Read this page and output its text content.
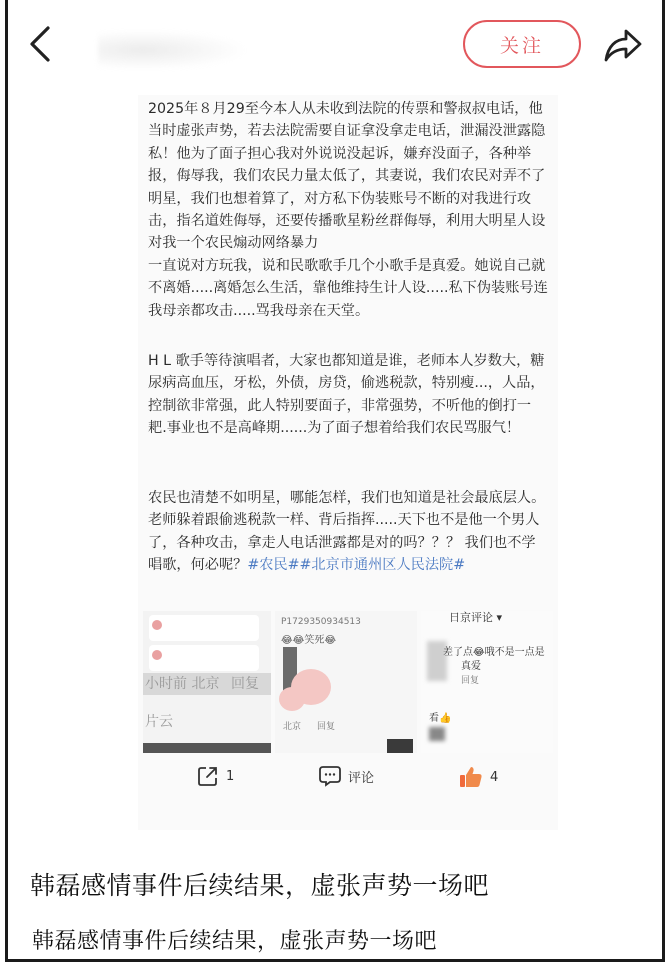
关注
2025年８月29至今本人从未收到法院的传票和警叔叔电话，他当时虚张声势，若去法院需要自证拿没拿走电话，泄漏没泄露隐私！他为了面子担心我对外说说没起诉，嫌弃没面子，各种举报，侮辱我，我们农民力量太低了，其妻说，我们农民对弄不了明星，我们也想着算了，对方私下伪装账号不断的对我进行攻击，指名道姓侮辱，还要传播歌星粉丝群侮辱，利用大明星人设对我一个农民煽动网络暴力
一直说对方玩我，说和民歌歌手几个小歌手是真爱。她说自己就不离婚.....离婚怎么生活，靠他维持生计人设.....私下伪装账号连我母亲都攻击.....骂我母亲在天堂。
H L 歌手等待演唱者，大家也都知道是谁，老师本人岁数大，糖尿病高血压，牙松，外债，房贷，偷逃税款，特别瘦...，人品，控制欲非常强，此人特别要面子，非常强势，不听他的倒打一耙.事业也不是高峰期......为了面子想着给我们农民骂服气！
农民也清楚不如明星，哪能怎样，我们也知道是社会最底层人。老师躲着跟偷逃税款一样、背后指挥.....天下也不是他一个男人了，各种攻击，拿走人电话泄露都是对的吗？？？ 我们也不学唱歌，何必呢？#农民##北京市通州区人民法院#
小时前 北京 回复
片云
P1729350934513
😂😂笑死😂
北京 回复
日京评论 ▾
差了点😂哦不是一点是
真爱
回复
看👍
1	评论	4
韩磊感情事件后续结果，虚张声势一场吧
韩磊感情事件后续结果，虚张声势一场吧
